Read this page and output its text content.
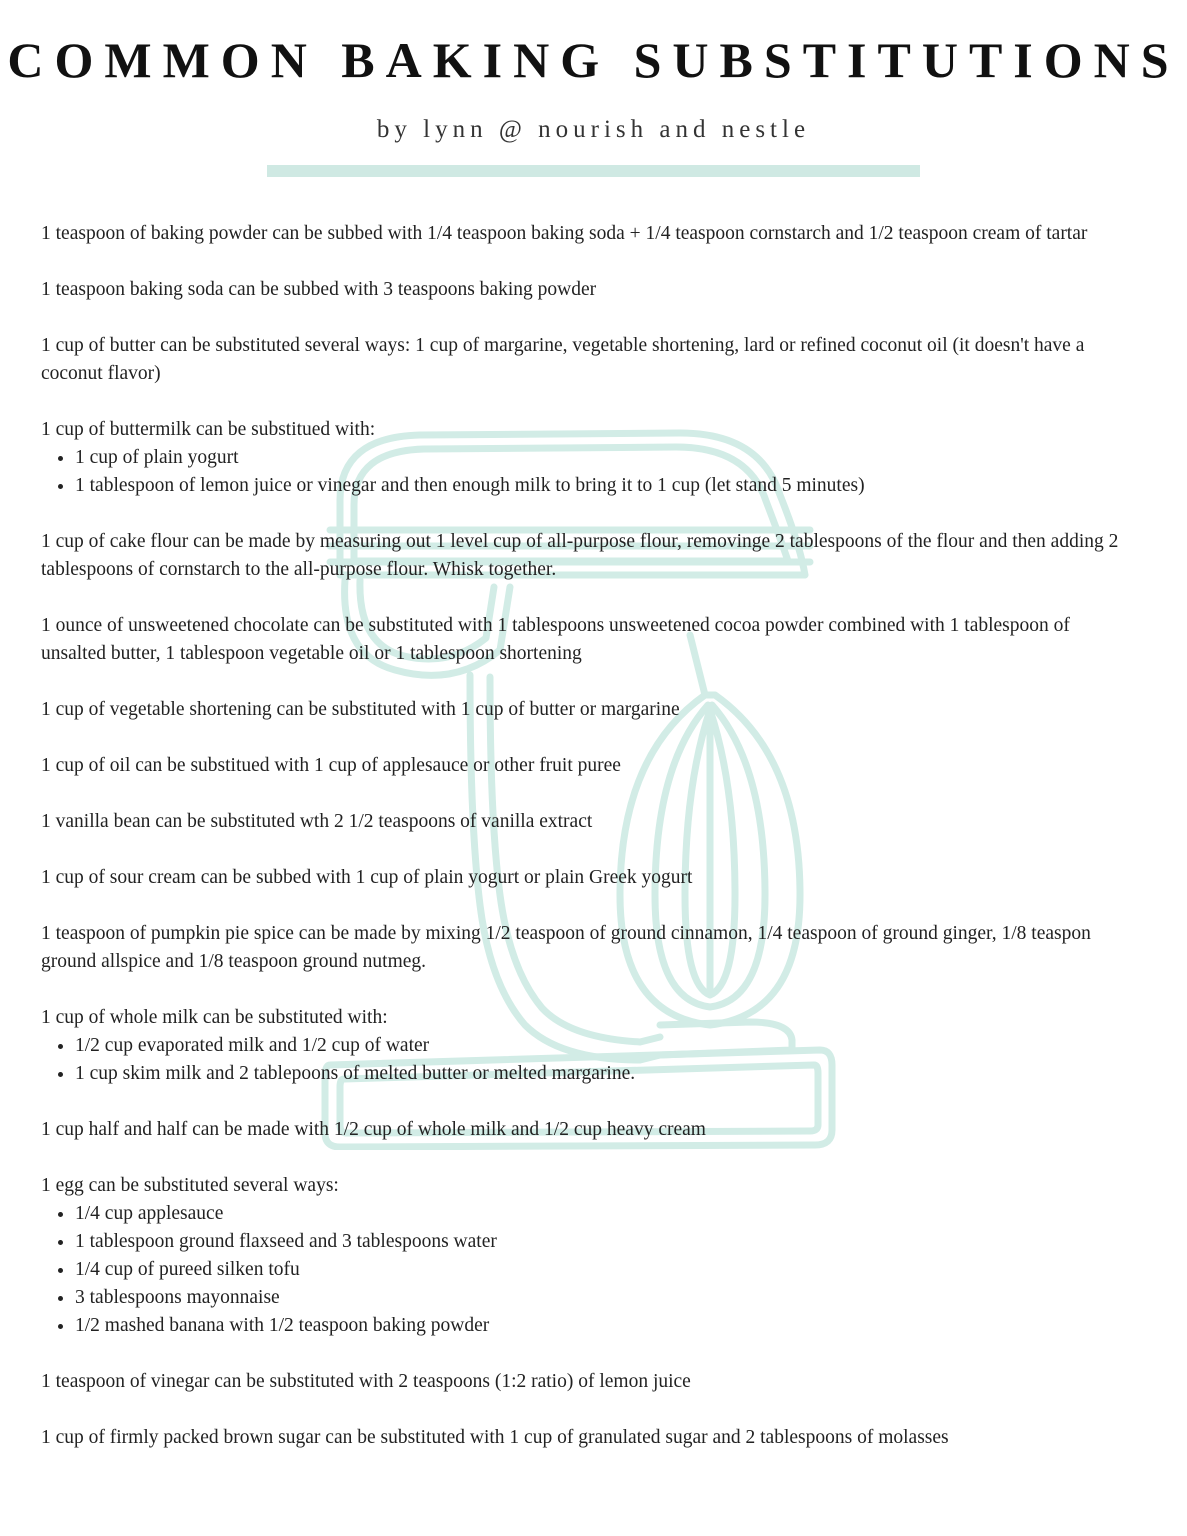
COMMON BAKING SUBSTITUTIONS
by lynn @ nourish and nestle

1 teaspoon of baking powder can be subbed with 1/4 teaspoon baking soda + 1/4 teaspoon cornstarch and 1/2 teaspoon cream of tartar

1 teaspoon baking soda can be subbed with 3 teaspoons baking powder

1 cup of butter can be substituted several ways: 1 cup of margarine, vegetable shortening, lard or refined coconut oil (it doesn't have a coconut flavor)

1 cup of buttermilk can be substitued with:

• 1 cup of plain yogurt
• 1 tablespoon of lemon juice or vinegar and then enough milk to bring it to 1 cup (let stand 5 minutes)

1 cup of cake flour can be made by measuring out 1 level cup of all-purpose flour, removinge 2 tablespoons of the flour and then adding 2 tablespoons of cornstarch to the all-purpose flour. Whisk together.

1 ounce of unsweetened chocolate can be substituted with 1 tablespoons unsweetened cocoa powder combined with 1 tablespoon of unsalted butter, 1 tablespoon vegetable oil or 1 tablespoon shortening

1 cup of vegetable shortening can be substituted with 1 cup of butter or margarine

1 cup of oil can be substitued with 1 cup of applesauce or other fruit puree

1 vanilla bean can be substituted wth 2 1/2 teaspoons of vanilla extract

1 cup of sour cream can be subbed with 1 cup of plain yogurt or plain Greek yogurt

1 teaspoon of pumpkin pie spice can be made by mixing 1/2 teaspoon of ground cinnamon, 1/4 teaspoon of ground ginger, 1/8 teaspon ground allspice and 1/8 teaspoon ground nutmeg.

1 cup of whole milk can be substituted with:

• 1/2 cup evaporated milk and 1/2 cup of water
• 1 cup skim milk and 2 tablepoons of melted butter or melted margarine.

1 cup half and half can be made with 1/2 cup of whole milk and 1/2 cup heavy cream

1 egg can be substituted several ways:

• 1/4 cup applesauce
• 1 tablespoon ground flaxseed and 3 tablespoons water
• 1/4 cup of pureed silken tofu
• 3 tablespoons mayonnaise
• 1/2 mashed banana with 1/2 teaspoon baking powder

1 teaspoon of vinegar can be substituted with 2 teaspoons (1:2 ratio) of lemon juice

1 cup of firmly packed brown sugar can be substituted with 1 cup of granulated sugar and 2 tablespoons of molasses
